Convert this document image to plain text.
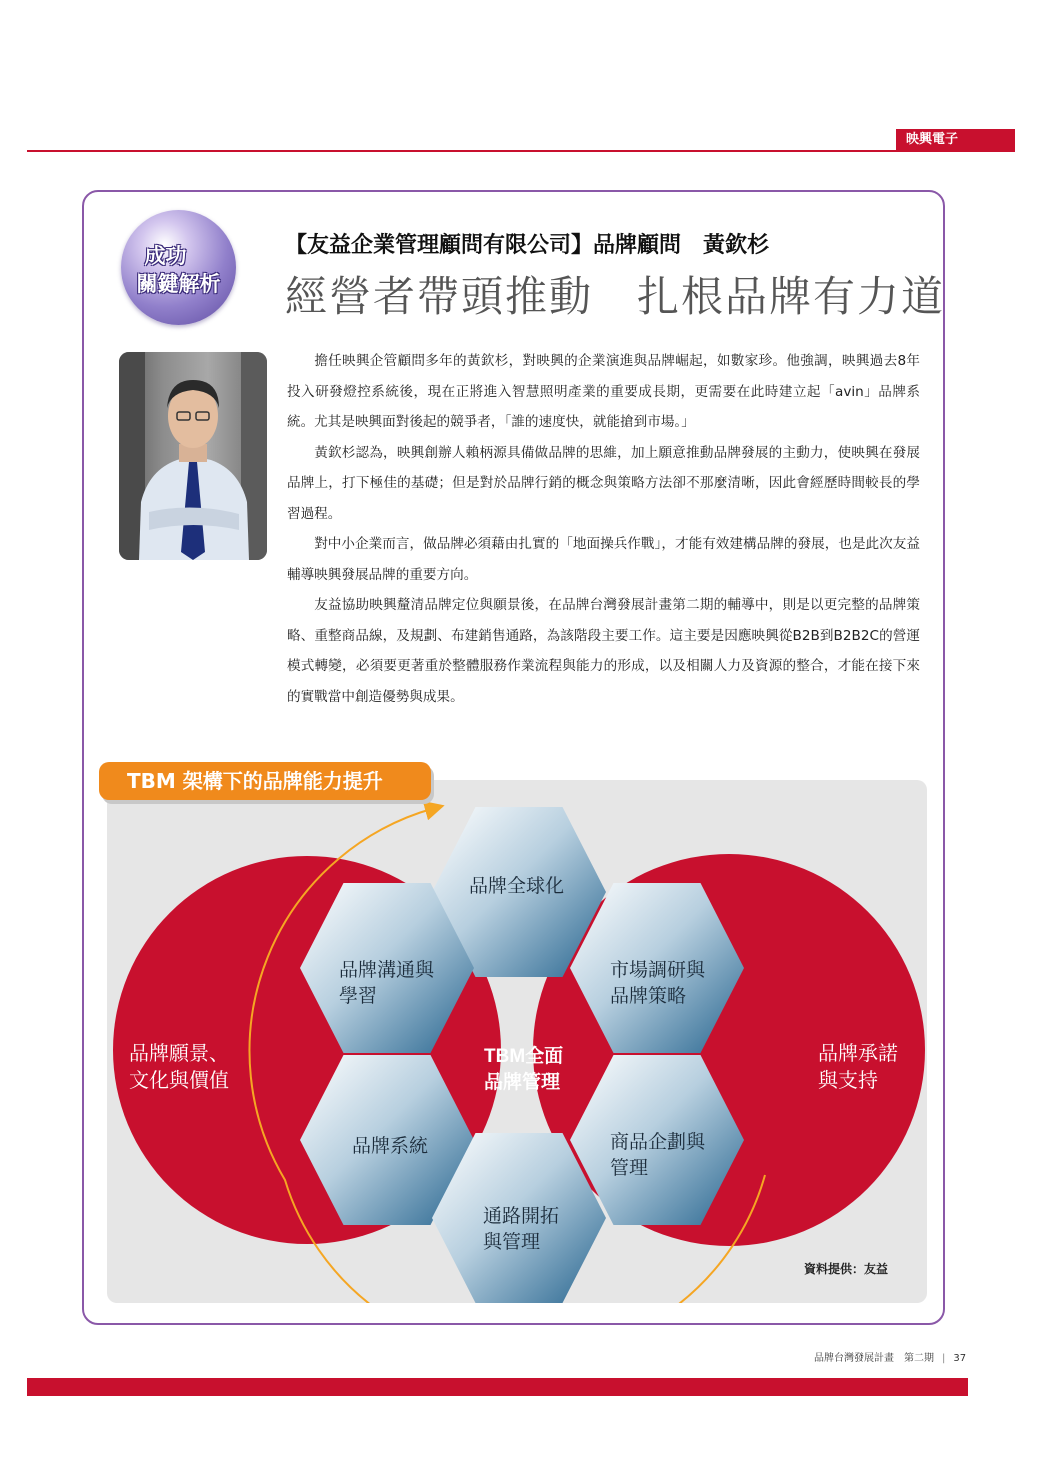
映興電子
成功
關鍵解析
【友益企業管理顧問有限公司】品牌顧問　黃欽杉
經營者帶頭推動　扎根品牌有力道

擔任映興企管顧問多年的黃欽杉，對映興的企業演進與品牌崛起，如數家珍。他強調，映興過去8年投入研發燈控系統後，現在正將進入智慧照明產業的重要成長期，更需要在此時建立起「avin」品牌系統。尤其是映興面對後起的競爭者，「誰的速度快，就能搶到市場。」

黃欽杉認為，映興創辦人賴柄源具備做品牌的思維，加上願意推動品牌發展的主動力，使映興在發展品牌上，打下極佳的基礎；但是對於品牌行銷的概念與策略方法卻不那麼清晰，因此會經歷時間較長的學習過程。

對中小企業而言，做品牌必須藉由扎實的「地面操兵作戰」，才能有效建構品牌的發展，也是此次友益輔導映興發展品牌的重要方向。

友益協助映興釐清品牌定位與願景後，在品牌台灣發展計畫第二期的輔導中，則是以更完整的品牌策略、重整商品線，及規劃、布建銷售通路，為該階段主要工作。這主要是因應映興從B2B到B2B2C的營運模式轉變，必須要更著重於整體服務作業流程與能力的形成，以及相關人力及資源的整合，才能在接下來的實戰當中創造優勢與成果。

品牌全球化
品牌溝通與
學習
市場調研與
品牌策略
品牌系統	商品企劃與
管理
通路開拓
與管理
品牌願景、
文化與價值
品牌承諾
與支持
TBM全面
品牌管理
TBM 架構下的品牌能力提升
資料提供：友益
品牌台灣發展計畫　第二期 | 37
